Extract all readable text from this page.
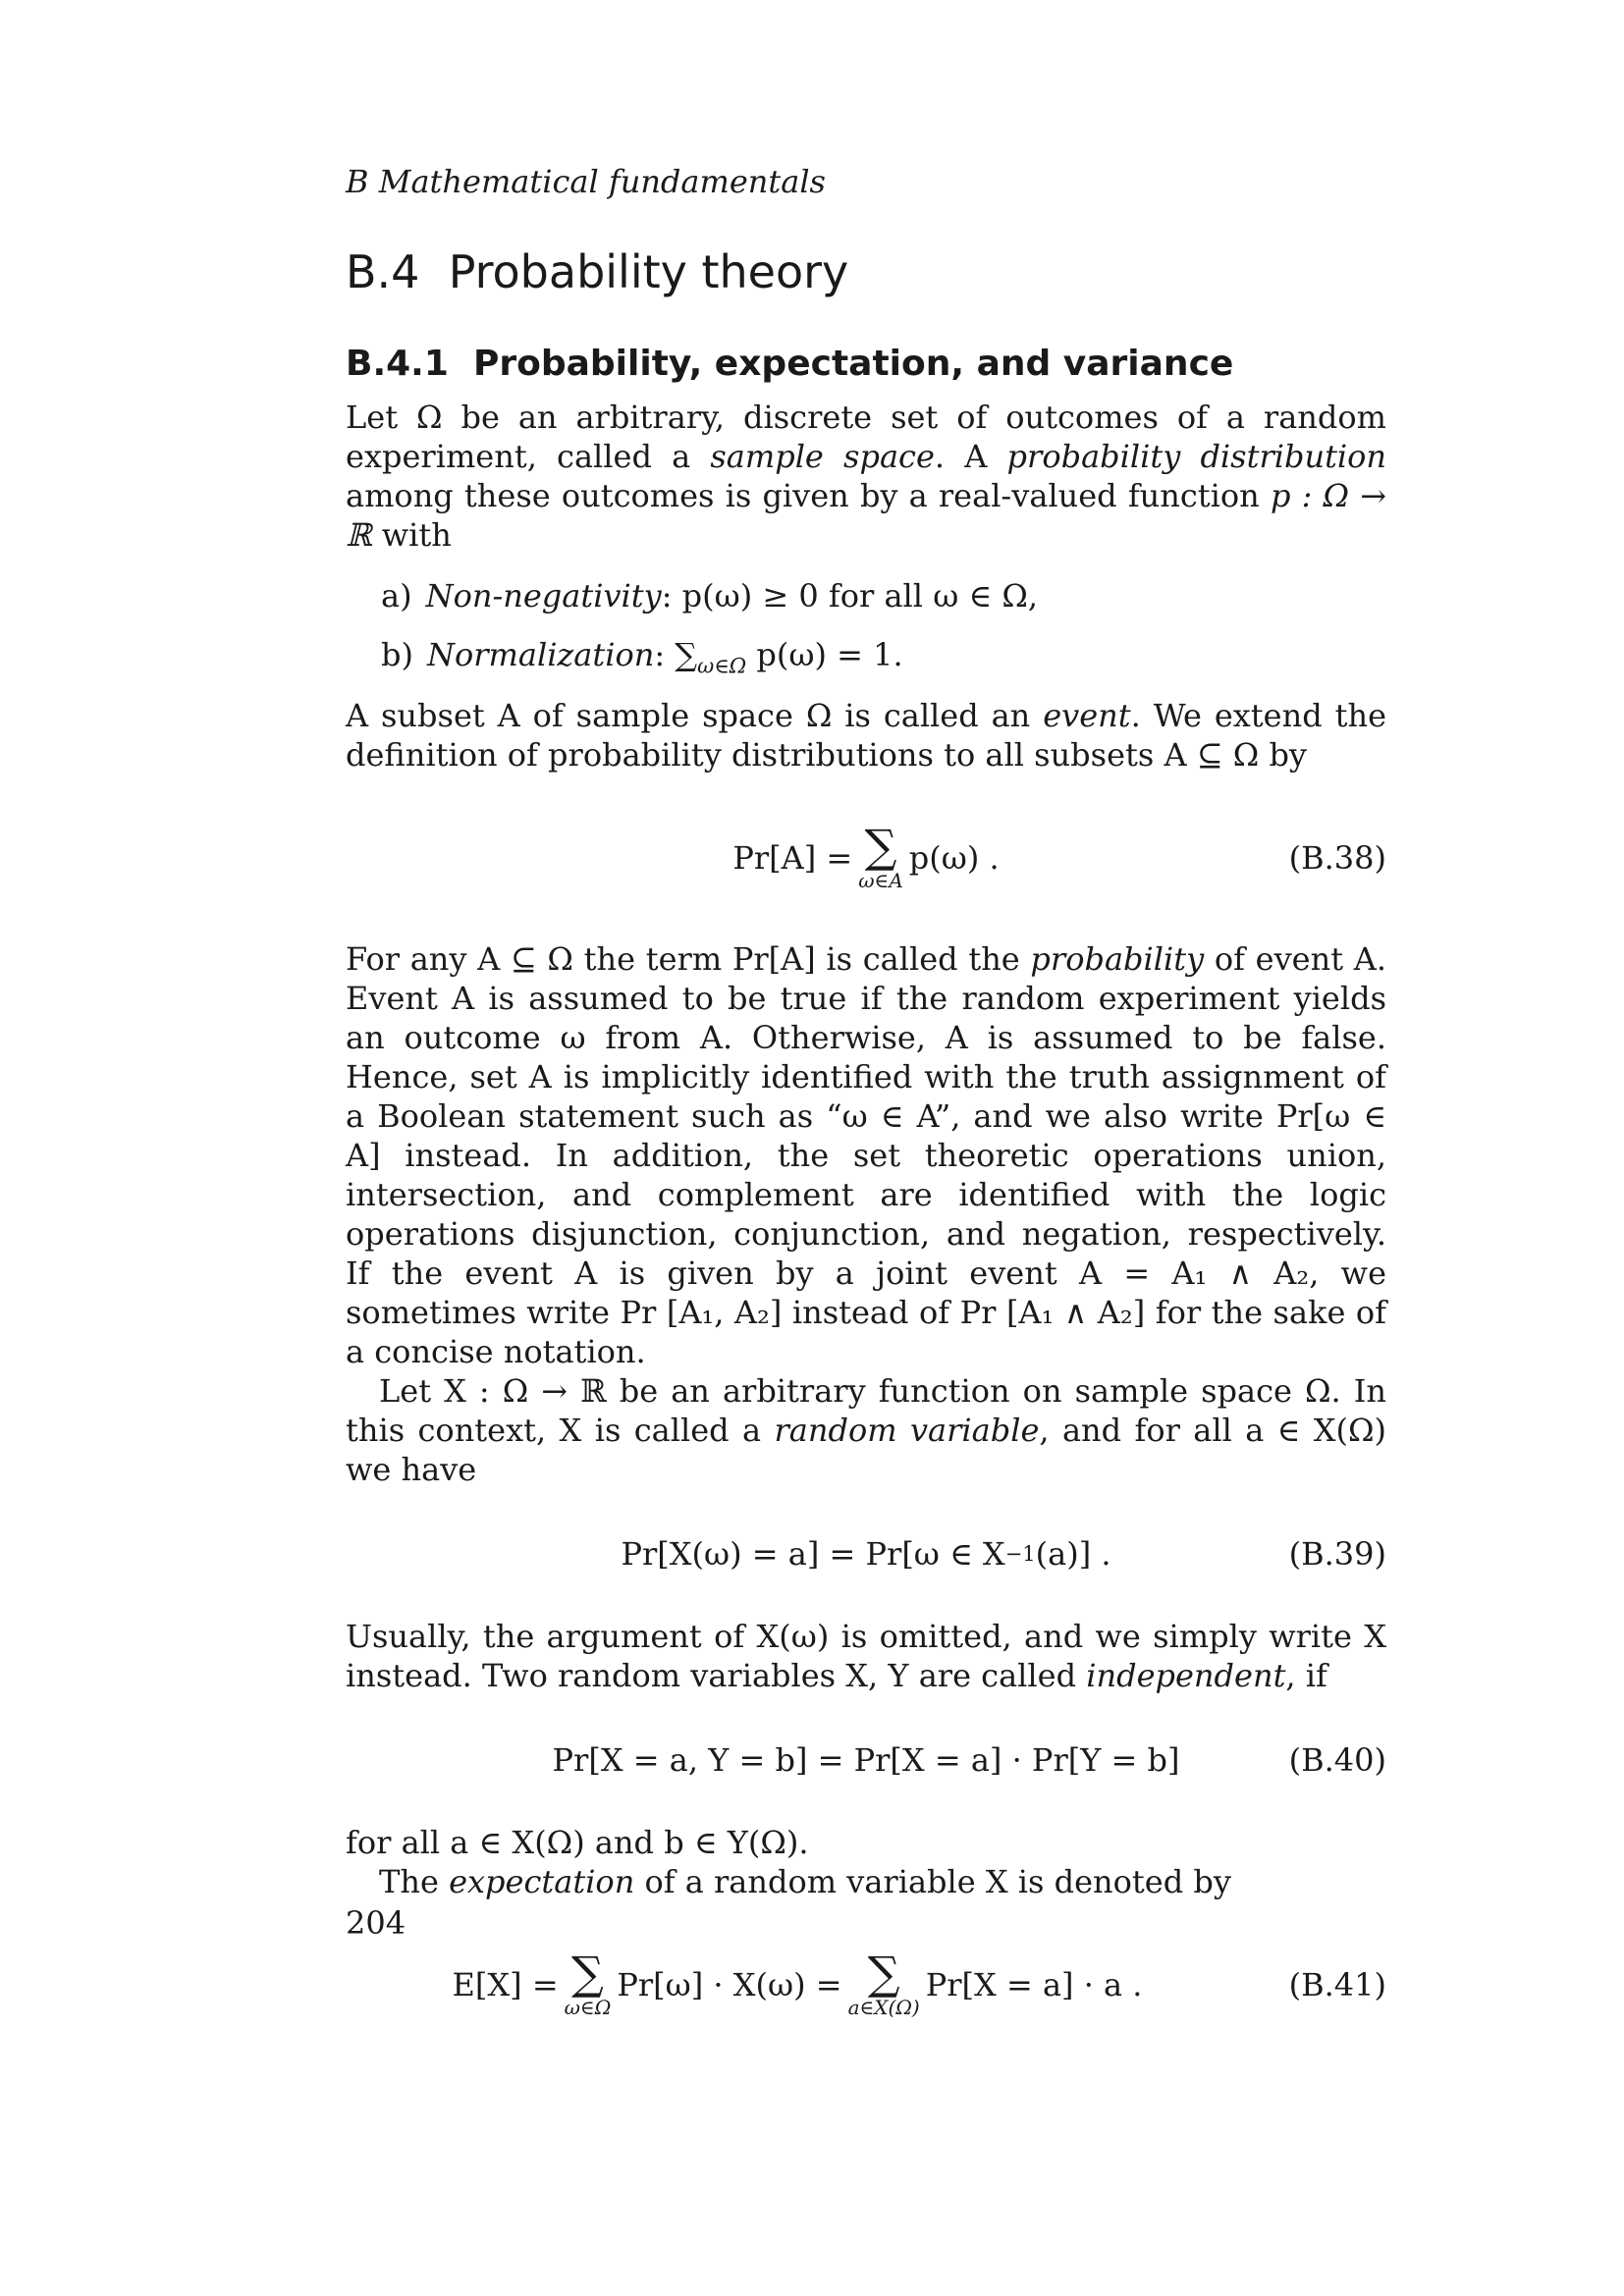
B Mathematical fundamentals
B.4 Probability theory
B.4.1 Probability, expectation, and variance

Let Ω be an arbitrary, discrete set of outcomes of a random experiment, called a sample space. A probability distribution among these outcomes is given by a real-valued function p : Ω → ℝ with

a) Non-negativity: p(ω) ≥ 0 for all ω ∈ Ω,
b) Normalization: $\sum_{\omega\in\Omega}$ p(ω) = 1.

A subset A of sample space Ω is called an event. We extend the definition of probability distributions to all subsets A ⊆ Ω by

Pr[A] = ∑
ω∈A
p(ω) .	(B.38)

For any A ⊆ Ω the term Pr[A] is called the probability of event A. Event A is assumed to be true if the random experiment yields an outcome ω from A. Otherwise, A is assumed to be false. Hence, set A is implicitly identified with the truth assignment of a Boolean statement such as “ω ∈ A”, and we also write Pr[ω ∈ A] instead. In addition, the set theoretic operations union, intersection, and complement are identified with the logic operations disjunction, conjunction, and negation, respectively. If the event A is given by a joint event A = A₁ ∧ A₂, we sometimes write Pr [A₁, A₂] instead of Pr [A₁ ∧ A₂] for the sake of a concise notation.

Let X : Ω → ℝ be an arbitrary function on sample space Ω. In this context, X is called a random variable, and for all a ∈ X(Ω) we have

Pr[X(ω) = a] = Pr[ω ∈ X −1 (a)] .	(B.39)

Usually, the argument of X(ω) is omitted, and we simply write X instead. Two random variables X, Y are called independent, if

Pr[X = a, Y = b] = Pr[X = a] · Pr[Y = b]	(B.40)

for all a ∈ X(Ω) and b ∈ Y(Ω).

The expectation of a random variable X is denoted by

E[X] = ∑
ω∈Ω
Pr[ω] · X(ω) = ∑
a∈X(Ω)
Pr[X = a] · a .	(B.41)
204
